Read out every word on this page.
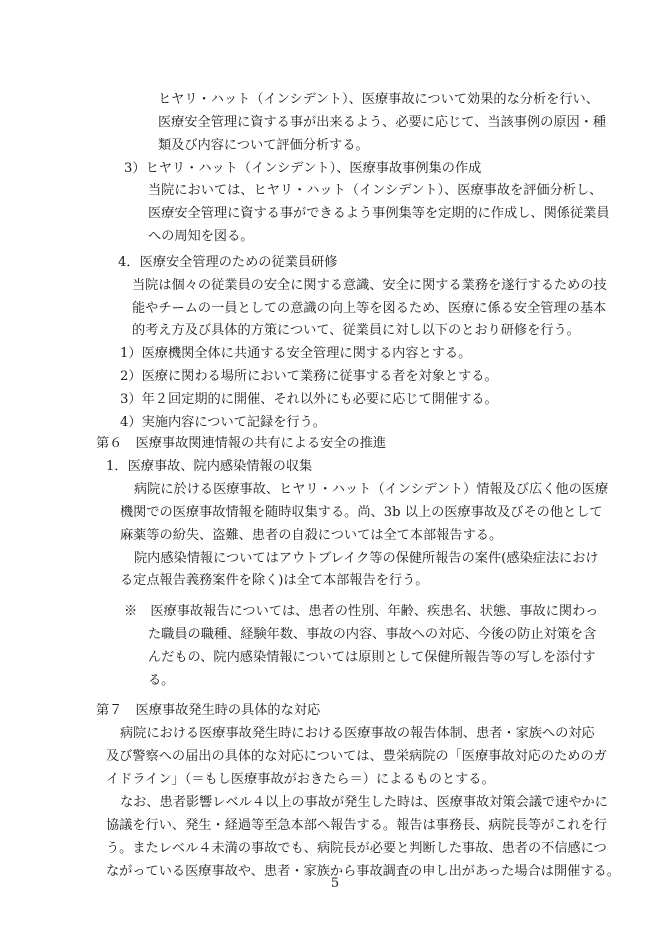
ヒヤリ・ハット（インシデント）、医療事故について効果的な分析を行い、

医療安全管理に資する事が出来るよう、必要に応じて、当該事例の原因・種

類及び内容について評価分析する。

3）ヒヤリ・ハット（インシデント）、医療事故事例集の作成

当院においては、ヒヤリ・ハット（インシデント）、医療事故を評価分析し、

医療安全管理に資する事ができるよう事例集等を定期的に作成し、関係従業員

への周知を図る。

4．医療安全管理のための従業員研修

当院は個々の従業員の安全に関する意識、安全に関する業務を遂行するための技

能やチームの一員としての意識の向上等を図るため、医療に係る安全管理の基本

的考え方及び具体的方策について、従業員に対し以下のとおり研修を行う。

1）医療機関全体に共通する安全管理に関する内容とする。

2）医療に関わる場所において業務に従事する者を対象とする。

3）年２回定期的に開催、それ以外にも必要に応じて開催する。

4）実施内容について記録を行う。

第６　医療事故関連情報の共有による安全の推進

1．医療事故、院内感染情報の収集

病院に於ける医療事故、ヒヤリ・ハット（インシデント）情報及び広く他の医療

機関での医療事故情報を随時収集する。尚、3b 以上の医療事故及びその他として

麻薬等の紛失、盗難、患者の自殺については全て本部報告する。

院内感染情報についてはアウトブレイク等の保健所報告の案件(感染症法におけ

る定点報告義務案件を除く)は全て本部報告を行う。

※　医療事故報告については、患者の性別、年齢、疾患名、状態、事故に関わっ

た職員の職種、経験年数、事故の内容、事故への対応、今後の防止対策を含

んだもの、院内感染情報については原則として保健所報告等の写しを添付す

る。

第７　医療事故発生時の具体的な対応

病院における医療事故発生時における医療事故の報告体制、患者・家族への対応

及び警察への届出の具体的な対応については、豊栄病院の「医療事故対応のためのガ

イドライン」（＝もし医療事故がおきたら＝）によるものとする。

なお、患者影響レベル４以上の事故が発生した時は、医療事故対策会議で速やかに

協議を行い、発生・経過等至急本部へ報告する。報告は事務長、病院長等がこれを行

う。またレベル４未満の事故でも、病院長が必要と判断した事故、患者の不信感につ

ながっている医療事故や、患者・家族から事故調査の申し出があった場合は開催する。

5
